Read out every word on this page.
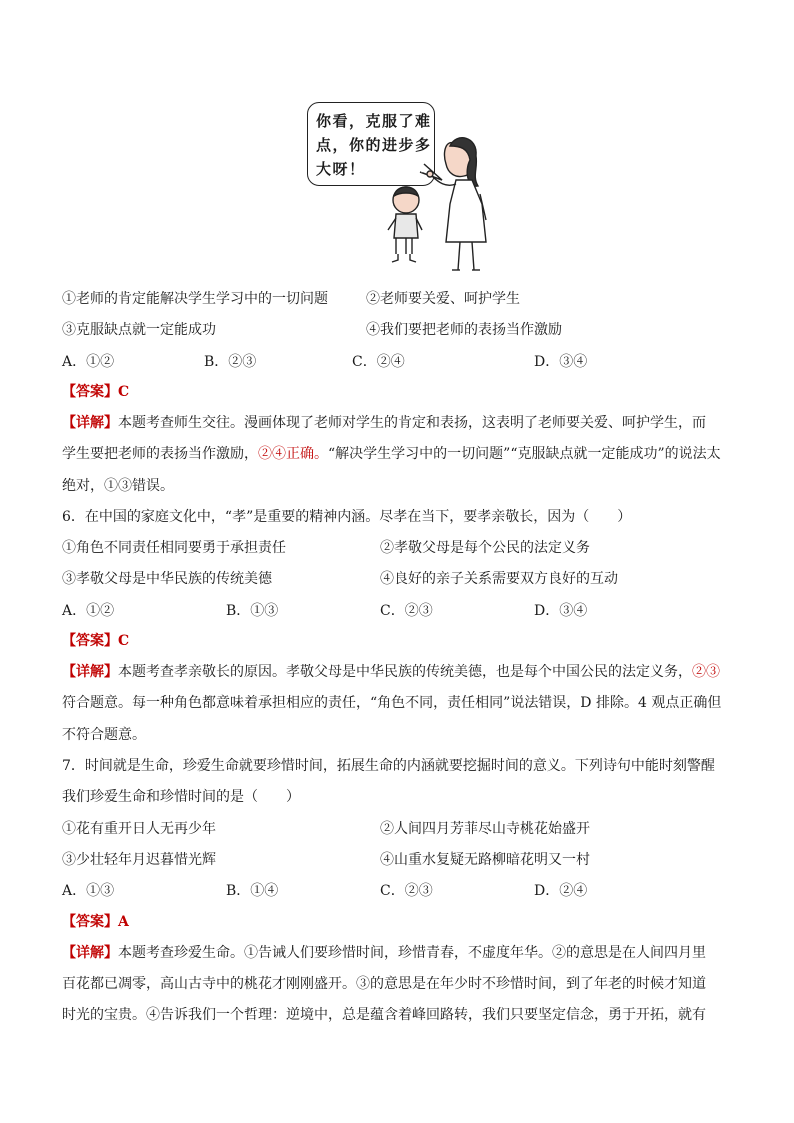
你看，克服了难
点，你的进步多
大呀！
①老师的肯定能解决学生学习中的一切问题	②老师要关爱、呵护学生
③克服缺点就一定能成功	④我们要把老师的表扬当作激励
A．①②	B．②③	C．②④	D．③④
【答案】C
【详解】本题考查师生交往。漫画体现了老师对学生的肯定和表扬，这表明了老师要关爱、呵护学生，而
学生要把老师的表扬当作激励，②④正确。“解决学生学习中的一切问题”“克服缺点就一定能成功”的说法太
绝对，①③错误。
6．在中国的家庭文化中，“孝”是重要的精神内涵。尽孝在当下，要孝亲敬长，因为（　　）
①角色不同责任相同要勇于承担责任	②孝敬父母是每个公民的法定义务
③孝敬父母是中华民族的传统美德	④良好的亲子关系需要双方良好的互动
A．①②	B．①③	C．②③	D．③④
【答案】C
【详解】本题考查孝亲敬长的原因。孝敬父母是中华民族的传统美德，也是每个中国公民的法定义务，②③
符合题意。每一种角色都意味着承担相应的责任，“角色不同，责任相同”说法错误，D 排除。4 观点正确但
不符合题意。
7．时间就是生命，珍爱生命就要珍惜时间，拓展生命的内涵就要挖掘时间的意义。下列诗句中能时刻警醒
我们珍爱生命和珍惜时间的是（　　）
①花有重开日人无再少年	②人间四月芳菲尽山寺桃花始盛开
③少壮轻年月迟暮惜光辉	④山重水复疑无路柳暗花明又一村
A．①③	B．①④	C．②③	D．②④
【答案】A
【详解】本题考查珍爱生命。①告诫人们要珍惜时间，珍惜青春，不虚度年华。②的意思是在人间四月里
百花都已凋零，高山古寺中的桃花才刚刚盛开。③的意思是在年少时不珍惜时间，到了年老的时候才知道
时光的宝贵。④告诉我们一个哲理：逆境中，总是蕴含着峰回路转，我们只要坚定信念，勇于开拓，就有
